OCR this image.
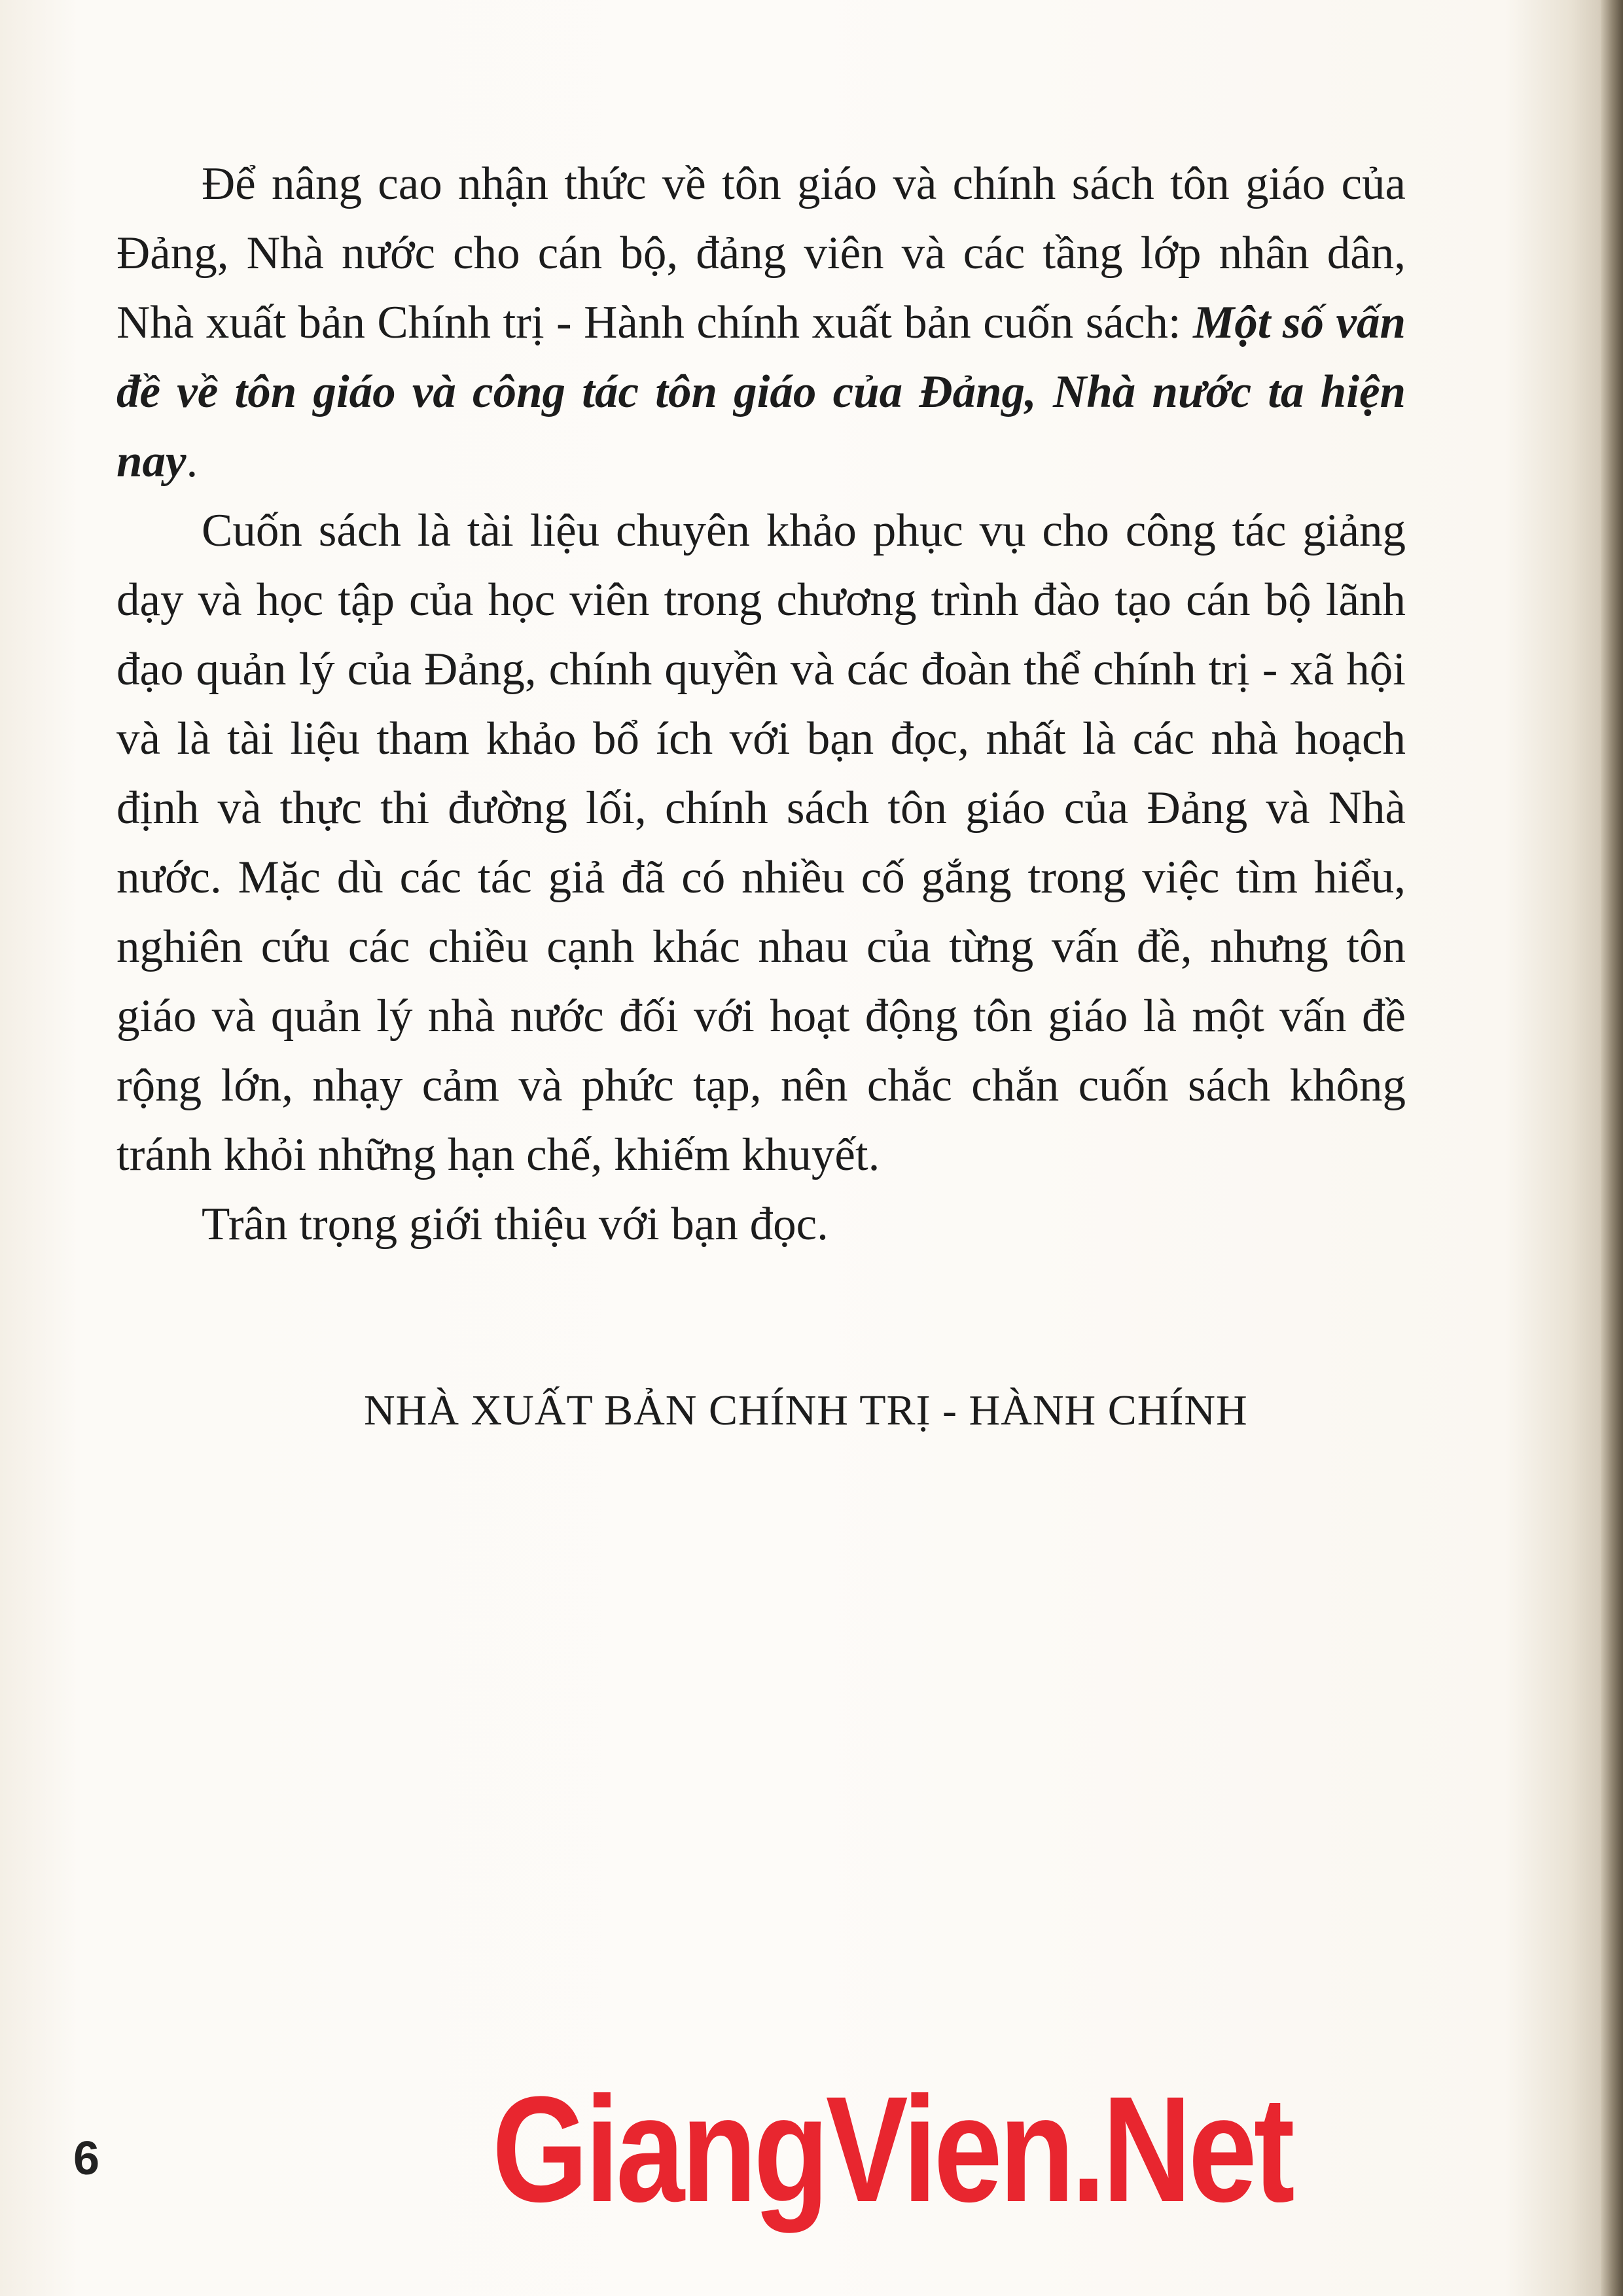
Để nâng cao nhận thức về tôn giáo và chính sách tôn giáo của Đảng, Nhà nước cho cán bộ, đảng viên và các tầng lớp nhân dân, Nhà xuất bản Chính trị - Hành chính xuất bản cuốn sách: Một số vấn đề về tôn giáo và công tác tôn giáo của Đảng, Nhà nước ta hiện nay.

Cuốn sách là tài liệu chuyên khảo phục vụ cho công tác giảng dạy và học tập của học viên trong chương trình đào tạo cán bộ lãnh đạo quản lý của Đảng, chính quyền và các đoàn thể chính trị - xã hội và là tài liệu tham khảo bổ ích với bạn đọc, nhất là các nhà hoạch định và thực thi đường lối, chính sách tôn giáo của Đảng và Nhà nước. Mặc dù các tác giả đã có nhiều cố gắng trong việc tìm hiểu, nghiên cứu các chiều cạnh khác nhau của từng vấn đề, nhưng tôn giáo và quản lý nhà nước đối với hoạt động tôn giáo là một vấn đề rộng lớn, nhạy cảm và phức tạp, nên chắc chắn cuốn sách không tránh khỏi những hạn chế, khiếm khuyết.

Trân trọng giới thiệu với bạn đọc.

NHÀ XUẤT BẢN CHÍNH TRỊ - HÀNH CHÍNH
6	GiangVien.Net
